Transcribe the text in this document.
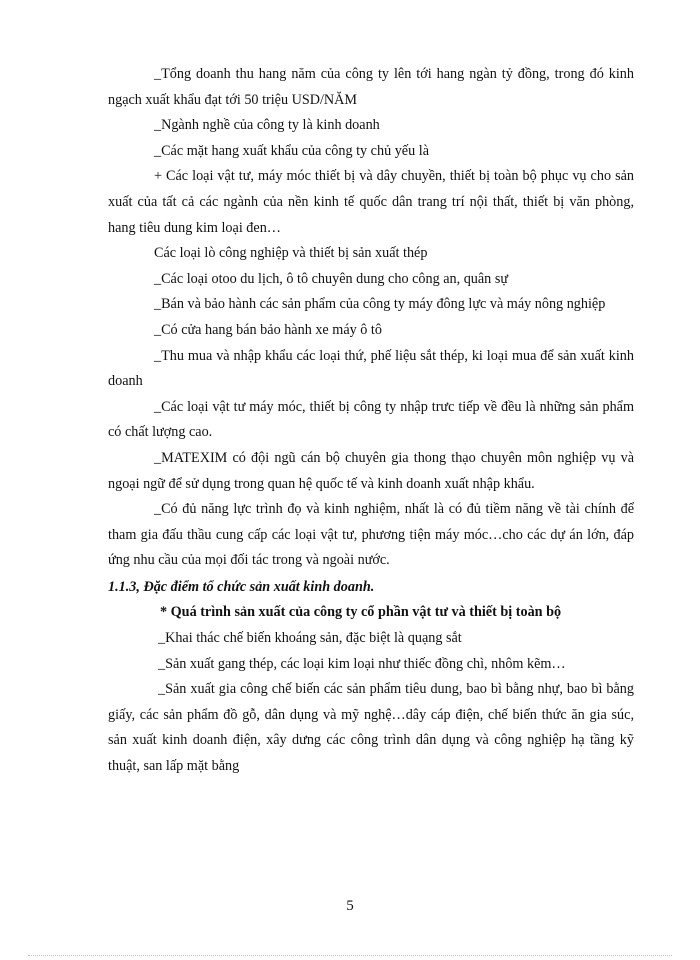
_Tổng doanh thu hang năm của công ty lên tới hang ngàn tỷ đồng, trong đó kinh ngạch xuất khẩu đạt tới 50 triệu USD/NĂM

_Ngành nghề của công ty là kinh doanh

_Các mặt hang xuất khẩu của công ty chủ yếu là

+ Các loại vật tư, máy móc thiết bị và dây chuyền, thiết bị toàn bộ phục vụ cho sản xuất của tất cả các ngành của nền kinh tế quốc dân trang trí nội thất, thiết bị văn phòng, hang tiêu dung kim loại đen…

Các loại lò công nghiệp và thiết bị sản xuất thép

_Các loại otoo du lịch, ô tô chuyên dung cho công an, quân sự

_Bán và bảo hành các sản phẩm của công ty máy đông lực và máy nông nghiệp

_Có cửa hang bán bảo hành xe máy ô tô

_Thu mua và nhập khẩu các loại thứ, phế liệu sắt thép, ki loại mua để sản xuất kinh doanh

_Các loại vật tư máy móc, thiết bị công ty nhập trưc tiếp về đều là những sản phẩm có chất lượng cao.

_MATEXIM có đội ngũ cán bộ chuyên gia thong thạo chuyên môn nghiệp vụ và ngoại ngữ để sử dụng trong quan hệ quốc tế và kinh doanh xuất nhập khẩu.

_Có đủ năng lực trình đọ và kinh nghiệm, nhất là có đủ tiềm năng về tài chính để tham gia đấu thầu cung cấp các loại vật tư, phương tiện máy móc…cho các dự án lớn, đáp ứng nhu cầu của mọi đối tác trong và ngoài nước.

1.1.3, Đặc điểm tổ chức sản xuất kinh doanh.

* Quá trình sản xuất của công ty cổ phần vật tư và thiết bị toàn bộ

_Khai thác chế biến khoáng sản, đặc biệt là quạng sắt

_Sản xuất gang thép, các loại kim loại như thiếc đồng chì, nhôm kẽm…

_Sản xuất gia công chế biến các sản phẩm tiêu dung, bao bì bằng nhự, bao bì bằng giấy, các sản phẩm đồ gỗ, dân dụng và mỹ nghệ…dây cáp điện, chế biến thức ăn gia súc, sản xuất kinh doanh điện, xây dưng các công trình dân dụng và công nghiệp hạ tầng kỹ thuật, san lấp mặt bằng

5
